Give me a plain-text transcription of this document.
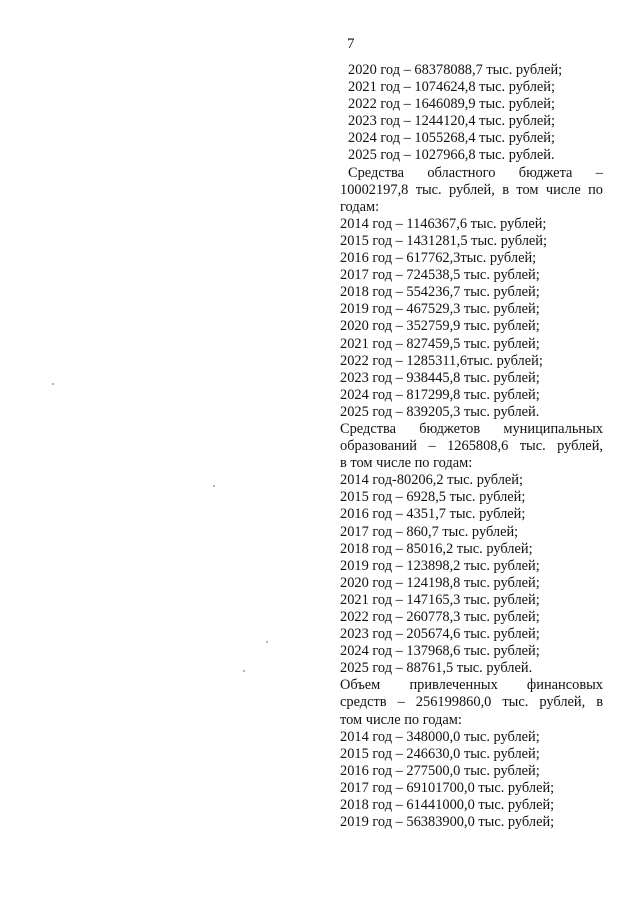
7
2020 год – 68378088,7 тыс. рублей;
2021 год – 1074624,8 тыс. рублей;
2022 год – 1646089,9 тыс. рублей;
2023 год – 1244120,4 тыс. рублей;
2024 год – 1055268,4 тыс. рублей;
2025 год – 1027966,8 тыс. рублей.
Средства областного бюджета –
10002197,8 тыс. рублей, в том числе по
годам:
2014 год – 1146367,6 тыс. рублей;
2015 год – 1431281,5 тыс. рублей;
2016 год – 617762,3тыс. рублей;
2017 год – 724538,5 тыс. рублей;
2018 год – 554236,7 тыс. рублей;
2019 год – 467529,3 тыс. рублей;
2020 год – 352759,9 тыс. рублей;
2021 год – 827459,5 тыс. рублей;
2022 год – 1285311,6тыс. рублей;
2023 год – 938445,8 тыс. рублей;
2024 год – 817299,8 тыс. рублей;
2025 год – 839205,3 тыс. рублей.
Средства бюджетов муниципальных
образований – 1265808,6 тыс. рублей,
в том числе по годам:
2014 год-80206,2 тыс. рублей;
2015 год – 6928,5 тыс. рублей;
2016 год – 4351,7 тыс. рублей;
2017 год – 860,7 тыс. рублей;
2018 год – 85016,2 тыс. рублей;
2019 год – 123898,2 тыс. рублей;
2020 год – 124198,8 тыс. рублей;
2021 год – 147165,3 тыс. рублей;
2022 год – 260778,3 тыс. рублей;
2023 год – 205674,6 тыс. рублей;
2024 год – 137968,6 тыс. рублей;
2025 год – 88761,5 тыс. рублей.
Объем привлеченных финансовых
средств – 256199860,0 тыс. рублей, в
том числе по годам:
2014 год – 348000,0 тыс. рублей;
2015 год – 246630,0 тыс. рублей;
2016 год – 277500,0 тыс. рублей;
2017 год – 69101700,0 тыс. рублей;
2018 год – 61441000,0 тыс. рублей;
2019 год – 56383900,0 тыс. рублей;
